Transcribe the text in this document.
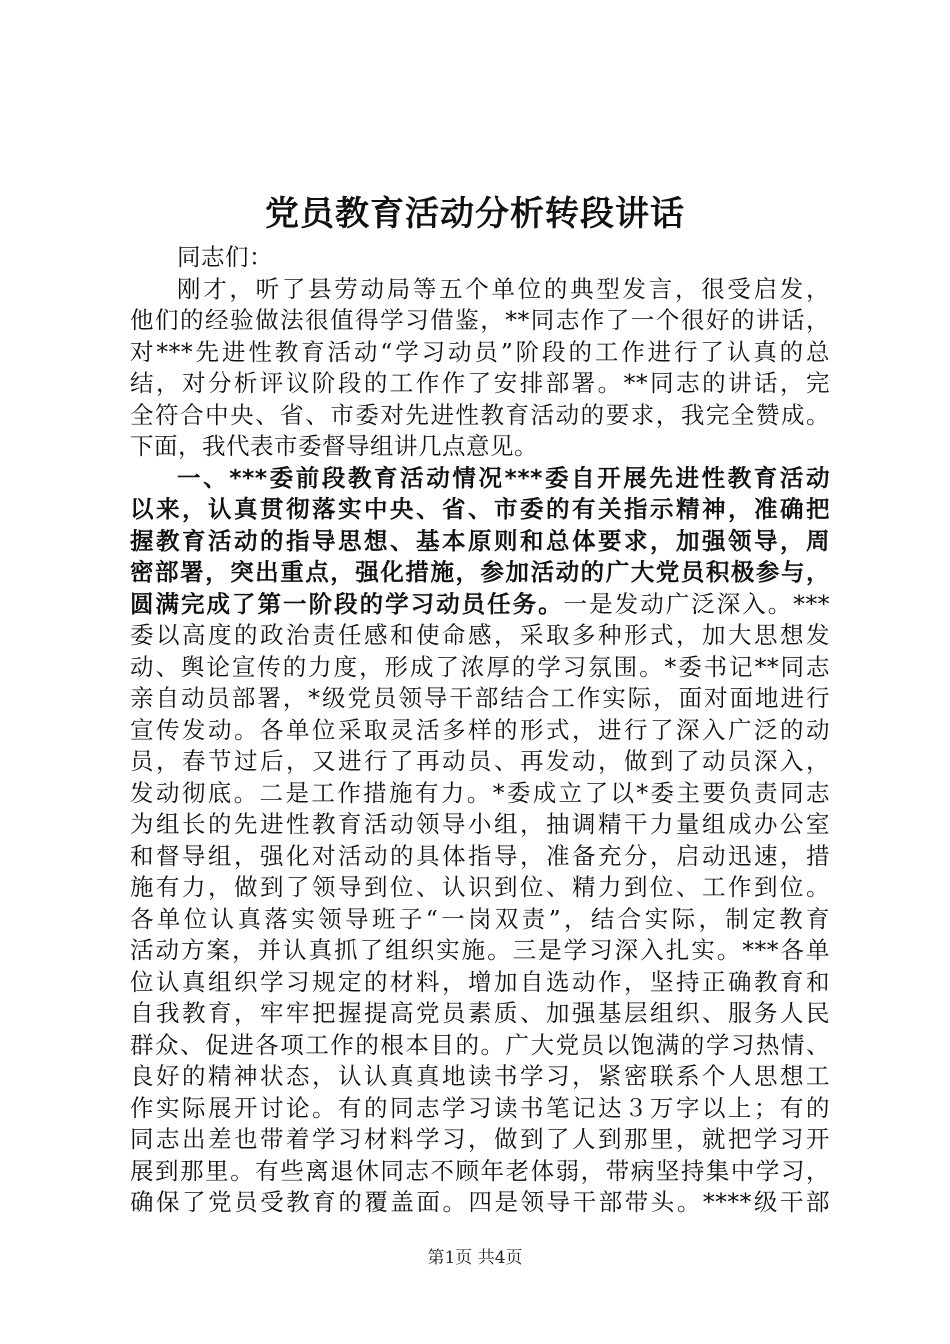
党员教育活动分析转段讲话
同志们：
刚才，听了县劳动局等五个单位的典型发言，很受启发，
他们的经验做法很值得学习借鉴，**同志作了一个很好的讲话，
对***先进性教育活动“学习动员”阶段的工作进行了认真的总
结，对分析评议阶段的工作作了安排部署。**同志的讲话，完
全符合中央、省、市委对先进性教育活动的要求，我完全赞成。
下面，我代表市委督导组讲几点意见。
一、***委前段教育活动情况***委自开展先进性教育活动
以来，认真贯彻落实中央、省、市委的有关指示精神，准确把
握教育活动的指导思想、基本原则和总体要求，加强领导，周
密部署，突出重点，强化措施，参加活动的广大党员积极参与，
圆满完成了第一阶段的学习动员任务。一是发动广泛深入。***
委以高度的政治责任感和使命感，采取多种形式，加大思想发
动、舆论宣传的力度，形成了浓厚的学习氛围。*委书记**同志
亲自动员部署，*级党员领导干部结合工作实际，面对面地进行
宣传发动。各单位采取灵活多样的形式，进行了深入广泛的动
员，春节过后，又进行了再动员、再发动，做到了动员深入，
发动彻底。二是工作措施有力。*委成立了以*委主要负责同志
为组长的先进性教育活动领导小组，抽调精干力量组成办公室
和督导组，强化对活动的具体指导，准备充分，启动迅速，措
施有力，做到了领导到位、认识到位、精力到位、工作到位。
各单位认真落实领导班子“一岗双责”，结合实际，制定教育
活动方案，并认真抓了组织实施。三是学习深入扎实。***各单
位认真组织学习规定的材料，增加自选动作，坚持正确教育和
自我教育，牢牢把握提高党员素质、加强基层组织、服务人民
群众、促进各项工作的根本目的。广大党员以饱满的学习热情、
良好的精神状态，认认真真地读书学习，紧密联系个人思想工
作实际展开讨论。有的同志学习读书笔记达３万字以上；有的
同志出差也带着学习材料学习，做到了人到那里，就把学习开
展到那里。有些离退休同志不顾年老体弱，带病坚持集中学习，
确保了党员受教育的覆盖面。四是领导干部带头。****级干部
第1页 共4页
